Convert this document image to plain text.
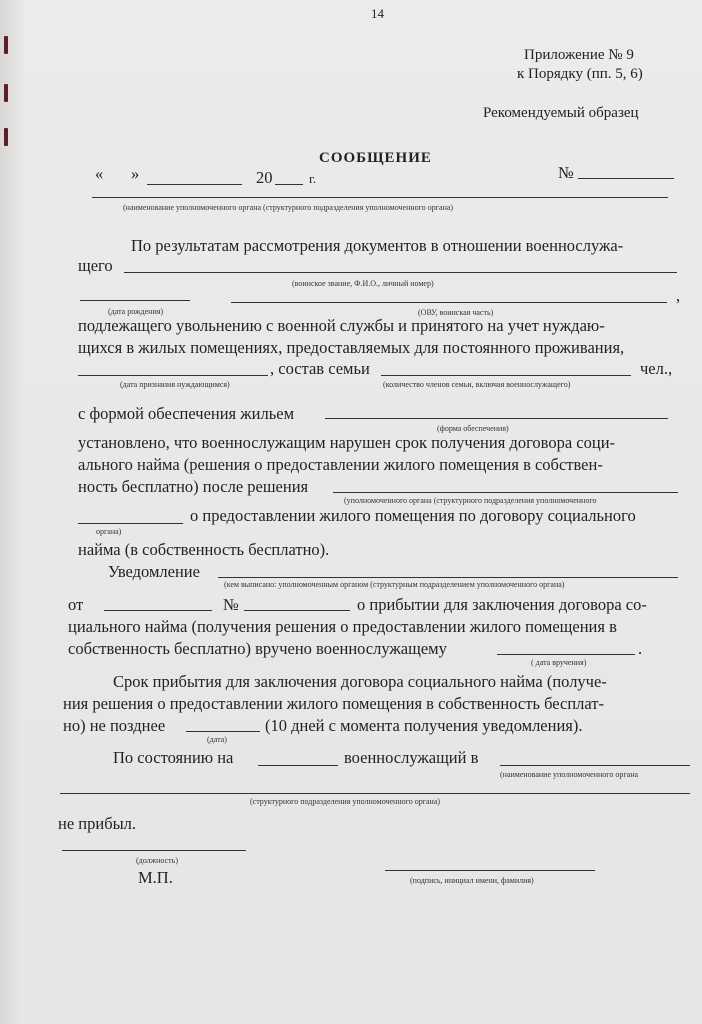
14
Приложение № 9
к Порядку (пп. 5, 6)
Рекомендуемый образец
СООБЩЕНИЕ
« »	20	г.	№
(наименование уполномоченного органа (структурного подразделения уполномоченного органа)
По результатам рассмотрения документов в отношении военнослужа-
щего
(воинское звание, Ф.И.О., личный номер)
,
(дата рождения)	(ОВУ, воинская часть)
подлежащего увольнению с военной службы и принятого на учет нуждаю-
щихся в жилых помещениях, предоставляемых для постоянного проживания,
, состав семьи	чел.,
(дата признания нуждающимся)	(количество членов семьи, включая военнослужащего)
с формой обеспечения жильем
(форма обеспечения)
установлено, что военнослужащим нарушен срок получения договора соци-
ального найма (решения о предоставлении жилого помещения в собствен-
ность бесплатно) после решения
(уполномоченного органа (структурного подразделения уполномоченного
о предоставлении жилого помещения по договору социального
органа)
найма (в собственность бесплатно).
Уведомление
(кем выписано: уполномоченным органом (структурным подразделением уполномоченного органа)
от	№	о прибытии для заключения договора со-
циального найма (получения решения о предоставлении жилого помещения в
собственность бесплатно) вручено военнослужащему	.
( дата вручения)
Срок прибытия для заключения договора социального найма (получе-
ния решения о предоставлении жилого помещения в собственность бесплат-
но) не позднее	(10 дней с момента получения уведомления).
(дата)
По состоянию на	военнослужащий в
(наименование уполномоченного органа
(структурного подразделения уполномоченного органа)
не прибыл.
(должность)
М.П.	(подпись, инициал имени, фамилия)
